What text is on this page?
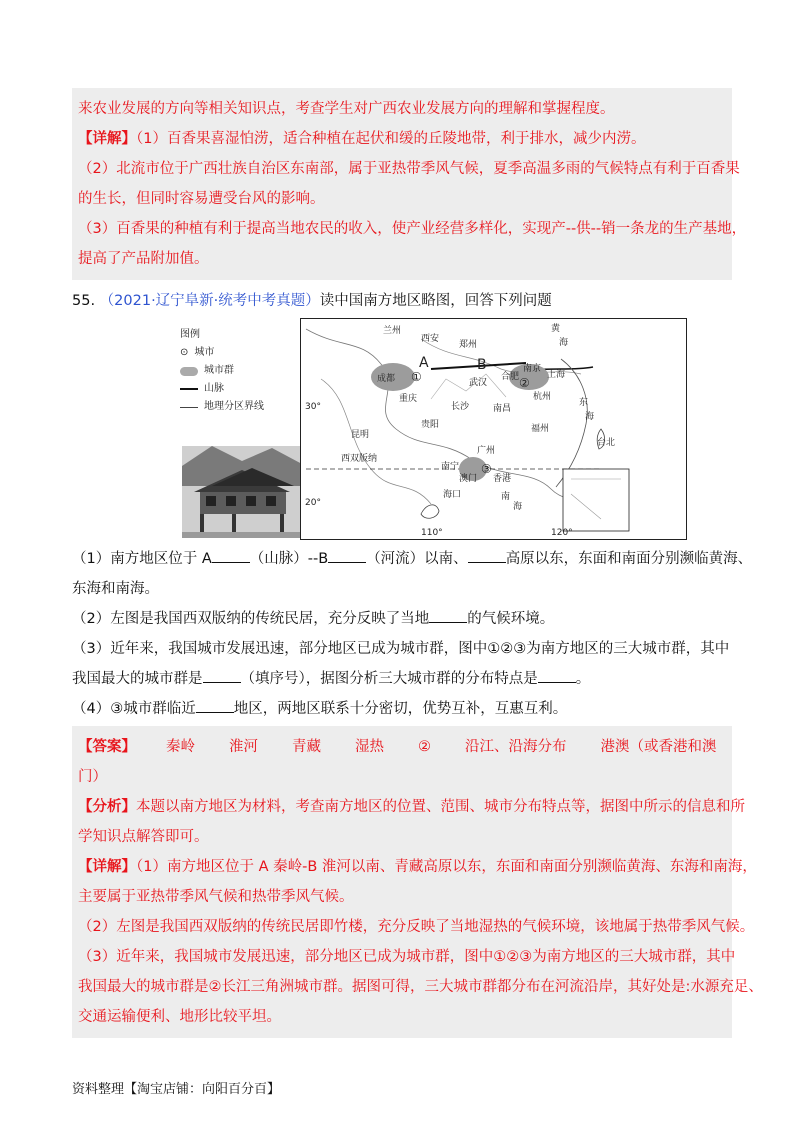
来农业发展的方向等相关知识点，考查学生对广西农业发展方向的理解和掌握程度。
【详解】（1）百香果喜湿怕涝，适合种植在起伏和缓的丘陵地带，利于排水，减少内涝。
（2）北流市位于广西壮族自治区东南部，属于亚热带季风气候，夏季高温多雨的气候特点有利于百香果
的生长，但同时容易遭受台风的影响。
（3）百香果的种植有利于提高当地农民的收入，使产业经营多样化，实现产--供--销一条龙的生产基地，
提高了产品附加值。
55. （2021·辽宁阜新·统考中考真题）读中国南方地区略图，回答下列问题
图例
⊙ 城市
城市群
山脉
地理分区界线
兰州
西安
郑州
黄
海
A	B
成都 ①	武汉
合肥
南京
②
上海
杭州
重庆
长沙	南昌
东
海
贵阳	福州
昆明
台北
广州
③
南宁
澳门 香港
海口	南
海
西双版纳
30°
20°
110°	120°
（1）南方地区位于 A	（山脉）--B	（河流）以南、	高原以东，东面和南面分别濒临黄海、
东海和南海。
（2）左图是我国西双版纳的传统民居，充分反映了当地	的气候环境。
（3）近年来，我国城市发展迅速，部分地区已成为城市群，图中①②③为南方地区的三大城市群，其中
我国最大的城市群是	（填序号），据图分析三大城市群的分布特点是	。
（4）③城市群临近	地区，两地区联系十分密切，优势互补，互惠互利。
【答案】 秦岭 淮河 青藏 湿热 ② 沿江、沿海分布 港澳（或香港和澳
门）
【分析】本题以南方地区为材料，考查南方地区的位置、范围、城市分布特点等，据图中所示的信息和所
学知识点解答即可。
【详解】（1）南方地区位于 A 秦岭-B 淮河以南、青藏高原以东，东面和南面分别濒临黄海、东海和南海，
主要属于亚热带季风气候和热带季风气候。
（2）左图是我国西双版纳的传统民居即竹楼，充分反映了当地湿热的气候环境，该地属于热带季风气候。
（3）近年来，我国城市发展迅速，部分地区已成为城市群，图中①②③为南方地区的三大城市群，其中
我国最大的城市群是②长江三角洲城市群。据图可得，三大城市群都分布在河流沿岸，其好处是:水源充足、
交通运输便利、地形比较平坦。
资料整理【淘宝店铺：向阳百分百】
